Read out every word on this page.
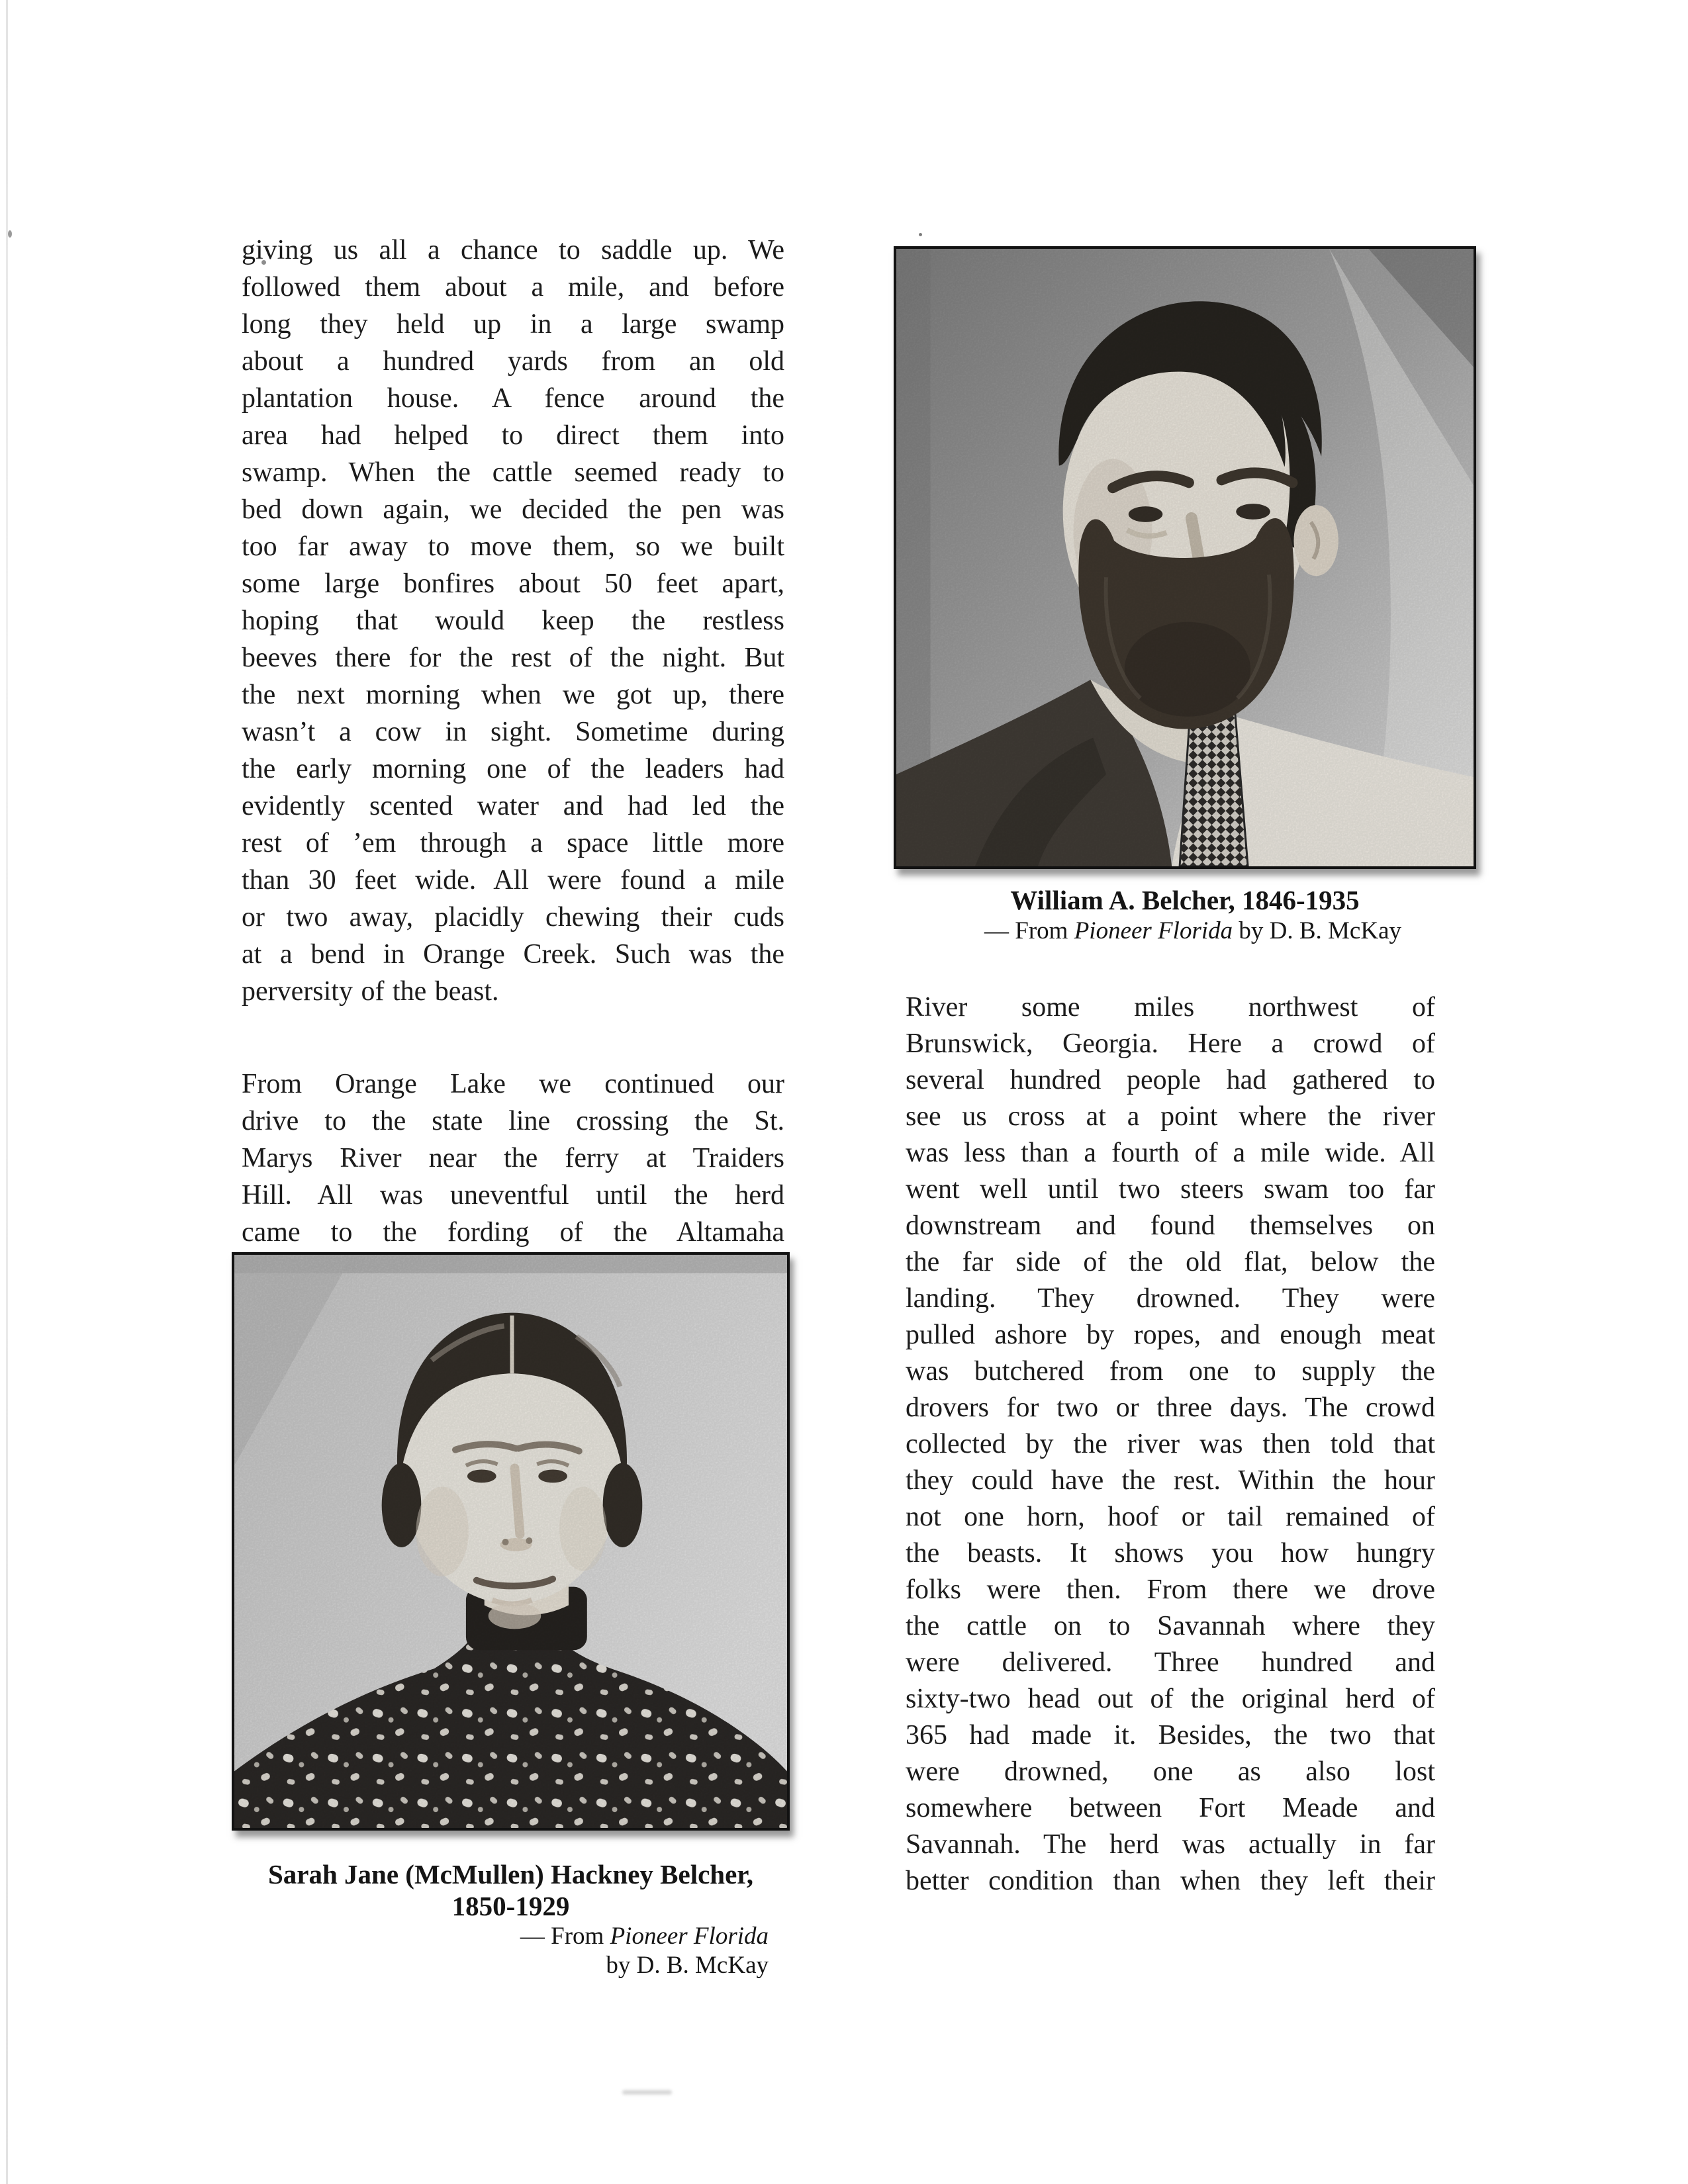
giving us all a chance to saddle up. We
followed them about a mile, and before
long they held up in a large swamp
about a hundred yards from an old
plantation house. A fence around the
area had helped to direct them into
swamp. When the cattle seemed ready to
bed down again, we decided the pen was
too far away to move them, so we built
some large bonfires about 50 feet apart,
hoping that would keep the restless
beeves there for the rest of the night. But
the next morning when we got up, there
wasn’t a cow in sight. Sometime during
the early morning one of the leaders had
evidently scented water and had led the
rest of ’em through a space little more
than 30 feet wide. All were found a mile
or two away, placidly chewing their cuds
at a bend in Orange Creek. Such was the
perversity of the beast.
From Orange Lake we continued our
drive to the state line crossing the St.
Marys River near the ferry at Traiders
Hill. All was uneventful until the herd
came to the fording of the Altamaha
William A. Belcher, 1846-1935
— From Pioneer Florida by D. B. McKay
River some miles northwest of
Brunswick, Georgia. Here a crowd of
several hundred people had gathered to
see us cross at a point where the river
was less than a fourth of a mile wide. All
went well until two steers swam too far
downstream and found themselves on
the far side of the old flat, below the
landing. They drowned. They were
pulled ashore by ropes, and enough meat
was butchered from one to supply the
drovers for two or three days. The crowd
collected by the river was then told that
they could have the rest. Within the hour
not one horn, hoof or tail remained of
the beasts. It shows you how hungry
folks were then. From there we drove
the cattle on to Savannah where they
were delivered. Three hundred and
sixty-two head out of the original herd of
365 had made it. Besides, the two that
were drowned, one as also lost
somewhere between Fort Meade and
Savannah. The herd was actually in far
better condition than when they left their
Sarah Jane (McMullen) Hackney Belcher,
1850-1929
— From Pioneer Florida
by D. B. McKay
